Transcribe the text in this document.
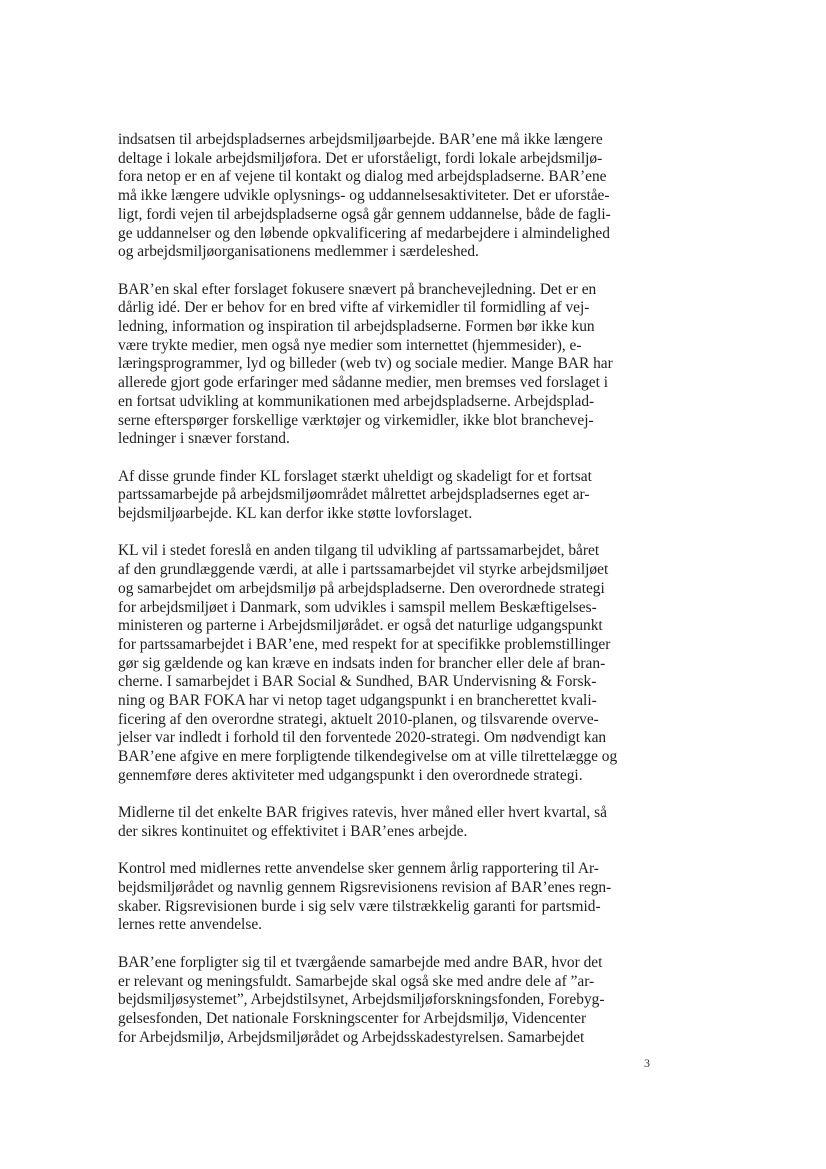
indsatsen til arbejdspladsernes arbejdsmiljøarbejde. BAR’ene må ikke længere
deltage i lokale arbejdsmiljøfora. Det er uforståeligt, fordi lokale arbejdsmiljø-
fora netop er en af vejene til kontakt og dialog med arbejdspladserne. BAR’ene
må ikke længere udvikle oplysnings- og uddannelsesaktiviteter. Det er uforståe-
ligt, fordi vejen til arbejdspladserne også går gennem uddannelse, både de fagli-
ge uddannelser og den løbende opkvalificering af medarbejdere i almindelighed
og arbejdsmiljøorganisationens medlemmer i særdeleshed.

BAR’en skal efter forslaget fokusere snævert på branchevejledning. Det er en
dårlig idé. Der er behov for en bred vifte af virkemidler til formidling af vej-
ledning, information og inspiration til arbejdspladserne. Formen bør ikke kun
være trykte medier, men også nye medier som internettet (hjemmesider), e-
læringsprogrammer, lyd og billeder (web tv) og sociale medier. Mange BAR har
allerede gjort gode erfaringer med sådanne medier, men bremses ved forslaget i
en fortsat udvikling at kommunikationen med arbejdspladserne. Arbejdsplad-
serne efterspørger forskellige værktøjer og virkemidler, ikke blot branchevej-
ledninger i snæver forstand.

Af disse grunde finder KL forslaget stærkt uheldigt og skadeligt for et fortsat
partssamarbejde på arbejdsmiljøområdet målrettet arbejdspladsernes eget ar-
bejdsmiljøarbejde. KL kan derfor ikke støtte lovforslaget.

KL vil i stedet foreslå en anden tilgang til udvikling af partssamarbejdet, båret
af den grundlæggende værdi, at alle i partssamarbejdet vil styrke arbejdsmiljøet
og samarbejdet om arbejdsmiljø på arbejdspladserne. Den overordnede strategi
for arbejdsmiljøet i Danmark, som udvikles i samspil mellem Beskæftigelses-
ministeren og parterne i Arbejdsmiljørådet. er også det naturlige udgangspunkt
for partssamarbejdet i BAR’ene, med respekt for at specifikke problemstillinger
gør sig gældende og kan kræve en indsats inden for brancher eller dele af bran-
cherne. I samarbejdet i BAR Social & Sundhed, BAR Undervisning & Forsk-
ning og BAR FOKA har vi netop taget udgangspunkt i en brancherettet kvali-
ficering af den overordne strategi, aktuelt 2010-planen, og tilsvarende overve-
jelser var indledt i forhold til den forventede 2020-strategi. Om nødvendigt kan
BAR’ene afgive en mere forpligtende tilkendegivelse om at ville tilrettelægge og
gennemføre deres aktiviteter med udgangspunkt i den overordnede strategi.

Midlerne til det enkelte BAR frigives ratevis, hver måned eller hvert kvartal, så
der sikres kontinuitet og effektivitet i BAR’enes arbejde.

Kontrol med midlernes rette anvendelse sker gennem årlig rapportering til Ar-
bejdsmiljørådet og navnlig gennem Rigsrevisionens revision af BAR’enes regn-
skaber. Rigsrevisionen burde i sig selv være tilstrækkelig garanti for partsmid-
lernes rette anvendelse.

BAR’ene forpligter sig til et tværgående samarbejde med andre BAR, hvor det
er relevant og meningsfuldt. Samarbejde skal også ske med andre dele af ”ar-
bejdsmiljøsystemet”, Arbejdstilsynet, Arbejdsmiljøforskningsfonden, Forebyg-
gelsesfonden, Det nationale Forskningscenter for Arbejdsmiljø, Videncenter
for Arbejdsmiljø, Arbejdsmiljørådet og Arbejdsskadestyrelsen. Samarbejdet

3
